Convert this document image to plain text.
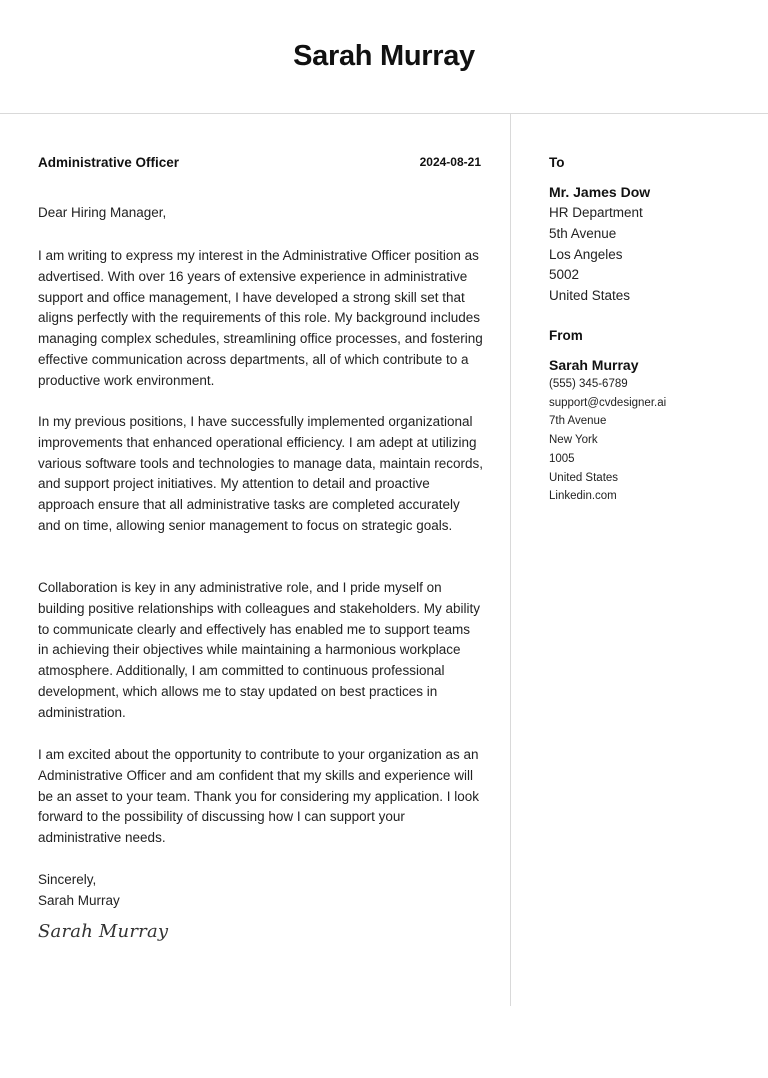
Sarah Murray
Administrative Officer	2024-08-21
Dear Hiring Manager,

I am writing to express my interest in the Administrative Officer position as advertised. With over 16 years of extensive experience in administrative support and office management, I have developed a strong skill set that aligns perfectly with the requirements of this role. My background includes managing complex schedules, streamlining office processes, and fostering effective communication across departments, all of which contribute to a productive work environment.

In my previous positions, I have successfully implemented organizational improvements that enhanced operational efficiency. I am adept at utilizing various software tools and technologies to manage data, maintain records, and support project initiatives. My attention to detail and proactive approach ensure that all administrative tasks are completed accurately and on time, allowing senior management to focus on strategic goals.

Collaboration is key in any administrative role, and I pride myself on building positive relationships with colleagues and stakeholders. My ability to communicate clearly and effectively has enabled me to support teams in achieving their objectives while maintaining a harmonious workplace atmosphere. Additionally, I am committed to continuous professional development, which allows me to stay updated on best practices in administration.

I am excited about the opportunity to contribute to your organization as an Administrative Officer and am confident that my skills and experience will be an asset to your team. Thank you for considering my application. I look forward to the possibility of discussing how I can support your administrative needs.

Sincerely,
Sarah Murray
Sarah Murray
To
Mr. James Dow
HR Department
5th Avenue
Los Angeles
5002
United States
From
Sarah Murray
(555) 345-6789
support@cvdesigner.ai
7th Avenue
New York
1005
United States
Linkedin.com
